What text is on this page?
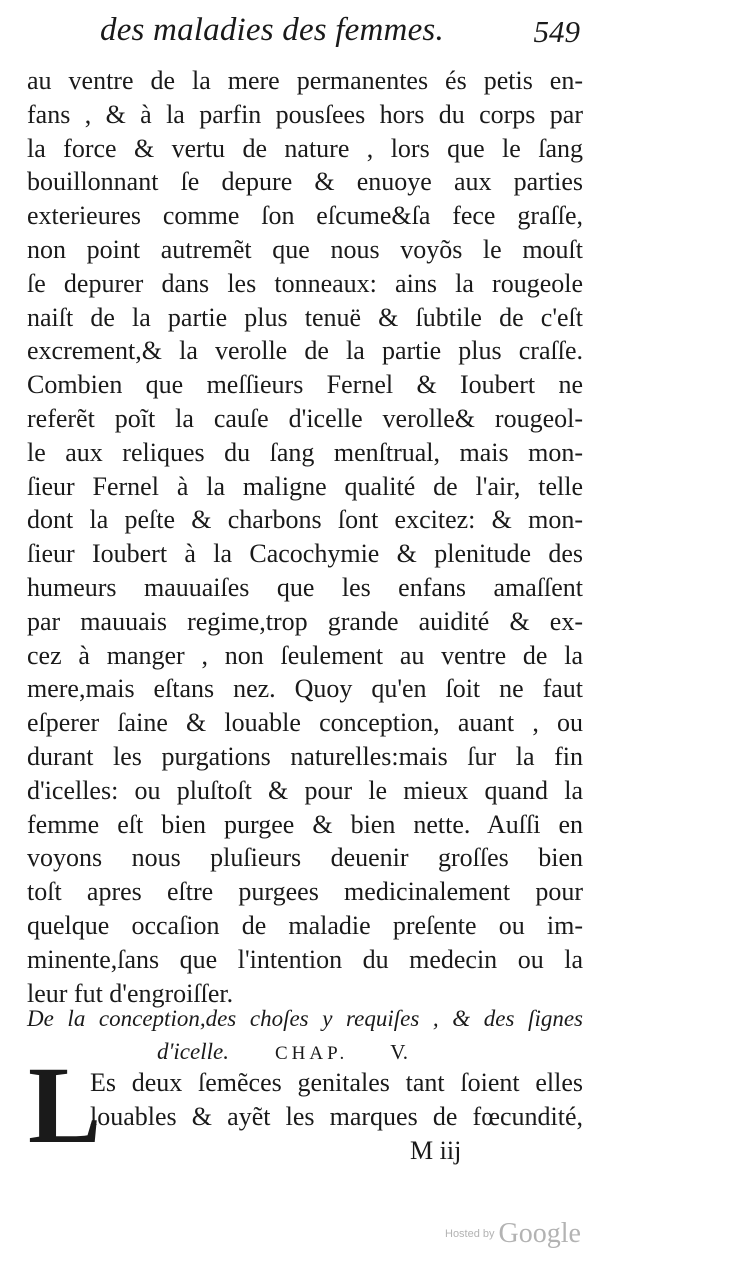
des maladies des femmes.	549
au ventre de la mere permanentes és petis en-
fans , & à la parfin pousſees hors du corps par
la force & vertu de nature , lors que le ſang
bouillonnant ſe depure & enuoye aux parties
exterieures comme ſon eſcume&ſa fece graſſe,
non point autremẽt que nous voyõs le mouſt
ſe depurer dans les tonneaux: ains la rougeole
naiſt de la partie plus tenuë & ſubtile de c'eſt
excrement,& la verolle de la partie plus craſſe.
Combien que meſſieurs Fernel & Ioubert ne
referẽt poĩt la cauſe d'icelle verolle& rougeol-
le aux reliques du ſang menſtrual, mais mon-
ſieur Fernel à la maligne qualité de l'air, telle
dont la peſte & charbons ſont excitez: & mon-
ſieur Ioubert à la Cacochymie & plenitude des
humeurs mauuaiſes que les enfans amaſſent
par mauuais regime,trop grande auidité & ex-
cez à manger , non ſeulement au ventre de la
mere,mais eſtans nez. Quoy qu'en ſoit ne faut
eſperer ſaine & louable conception, auant , ou
durant les purgations naturelles:mais ſur la fin
d'icelles: ou pluſtoſt & pour le mieux quand la
femme eſt bien purgee & bien nette. Auſſi en
voyons nous pluſieurs deuenir groſſes bien
toſt apres eſtre purgees medicinalement pour
quelque occaſion de maladie preſente ou im-
minente,ſans que l'intention du medecin ou la
leur fut d'engroiſſer.
De la conception,des choſes y requiſes , & des ſignes
d'icelle. CHAP. V.
L
Es deux ſemẽces genitales tant ſoient elles
louables & ayẽt les marques de fœcundité,
M iij
Hosted by Google
